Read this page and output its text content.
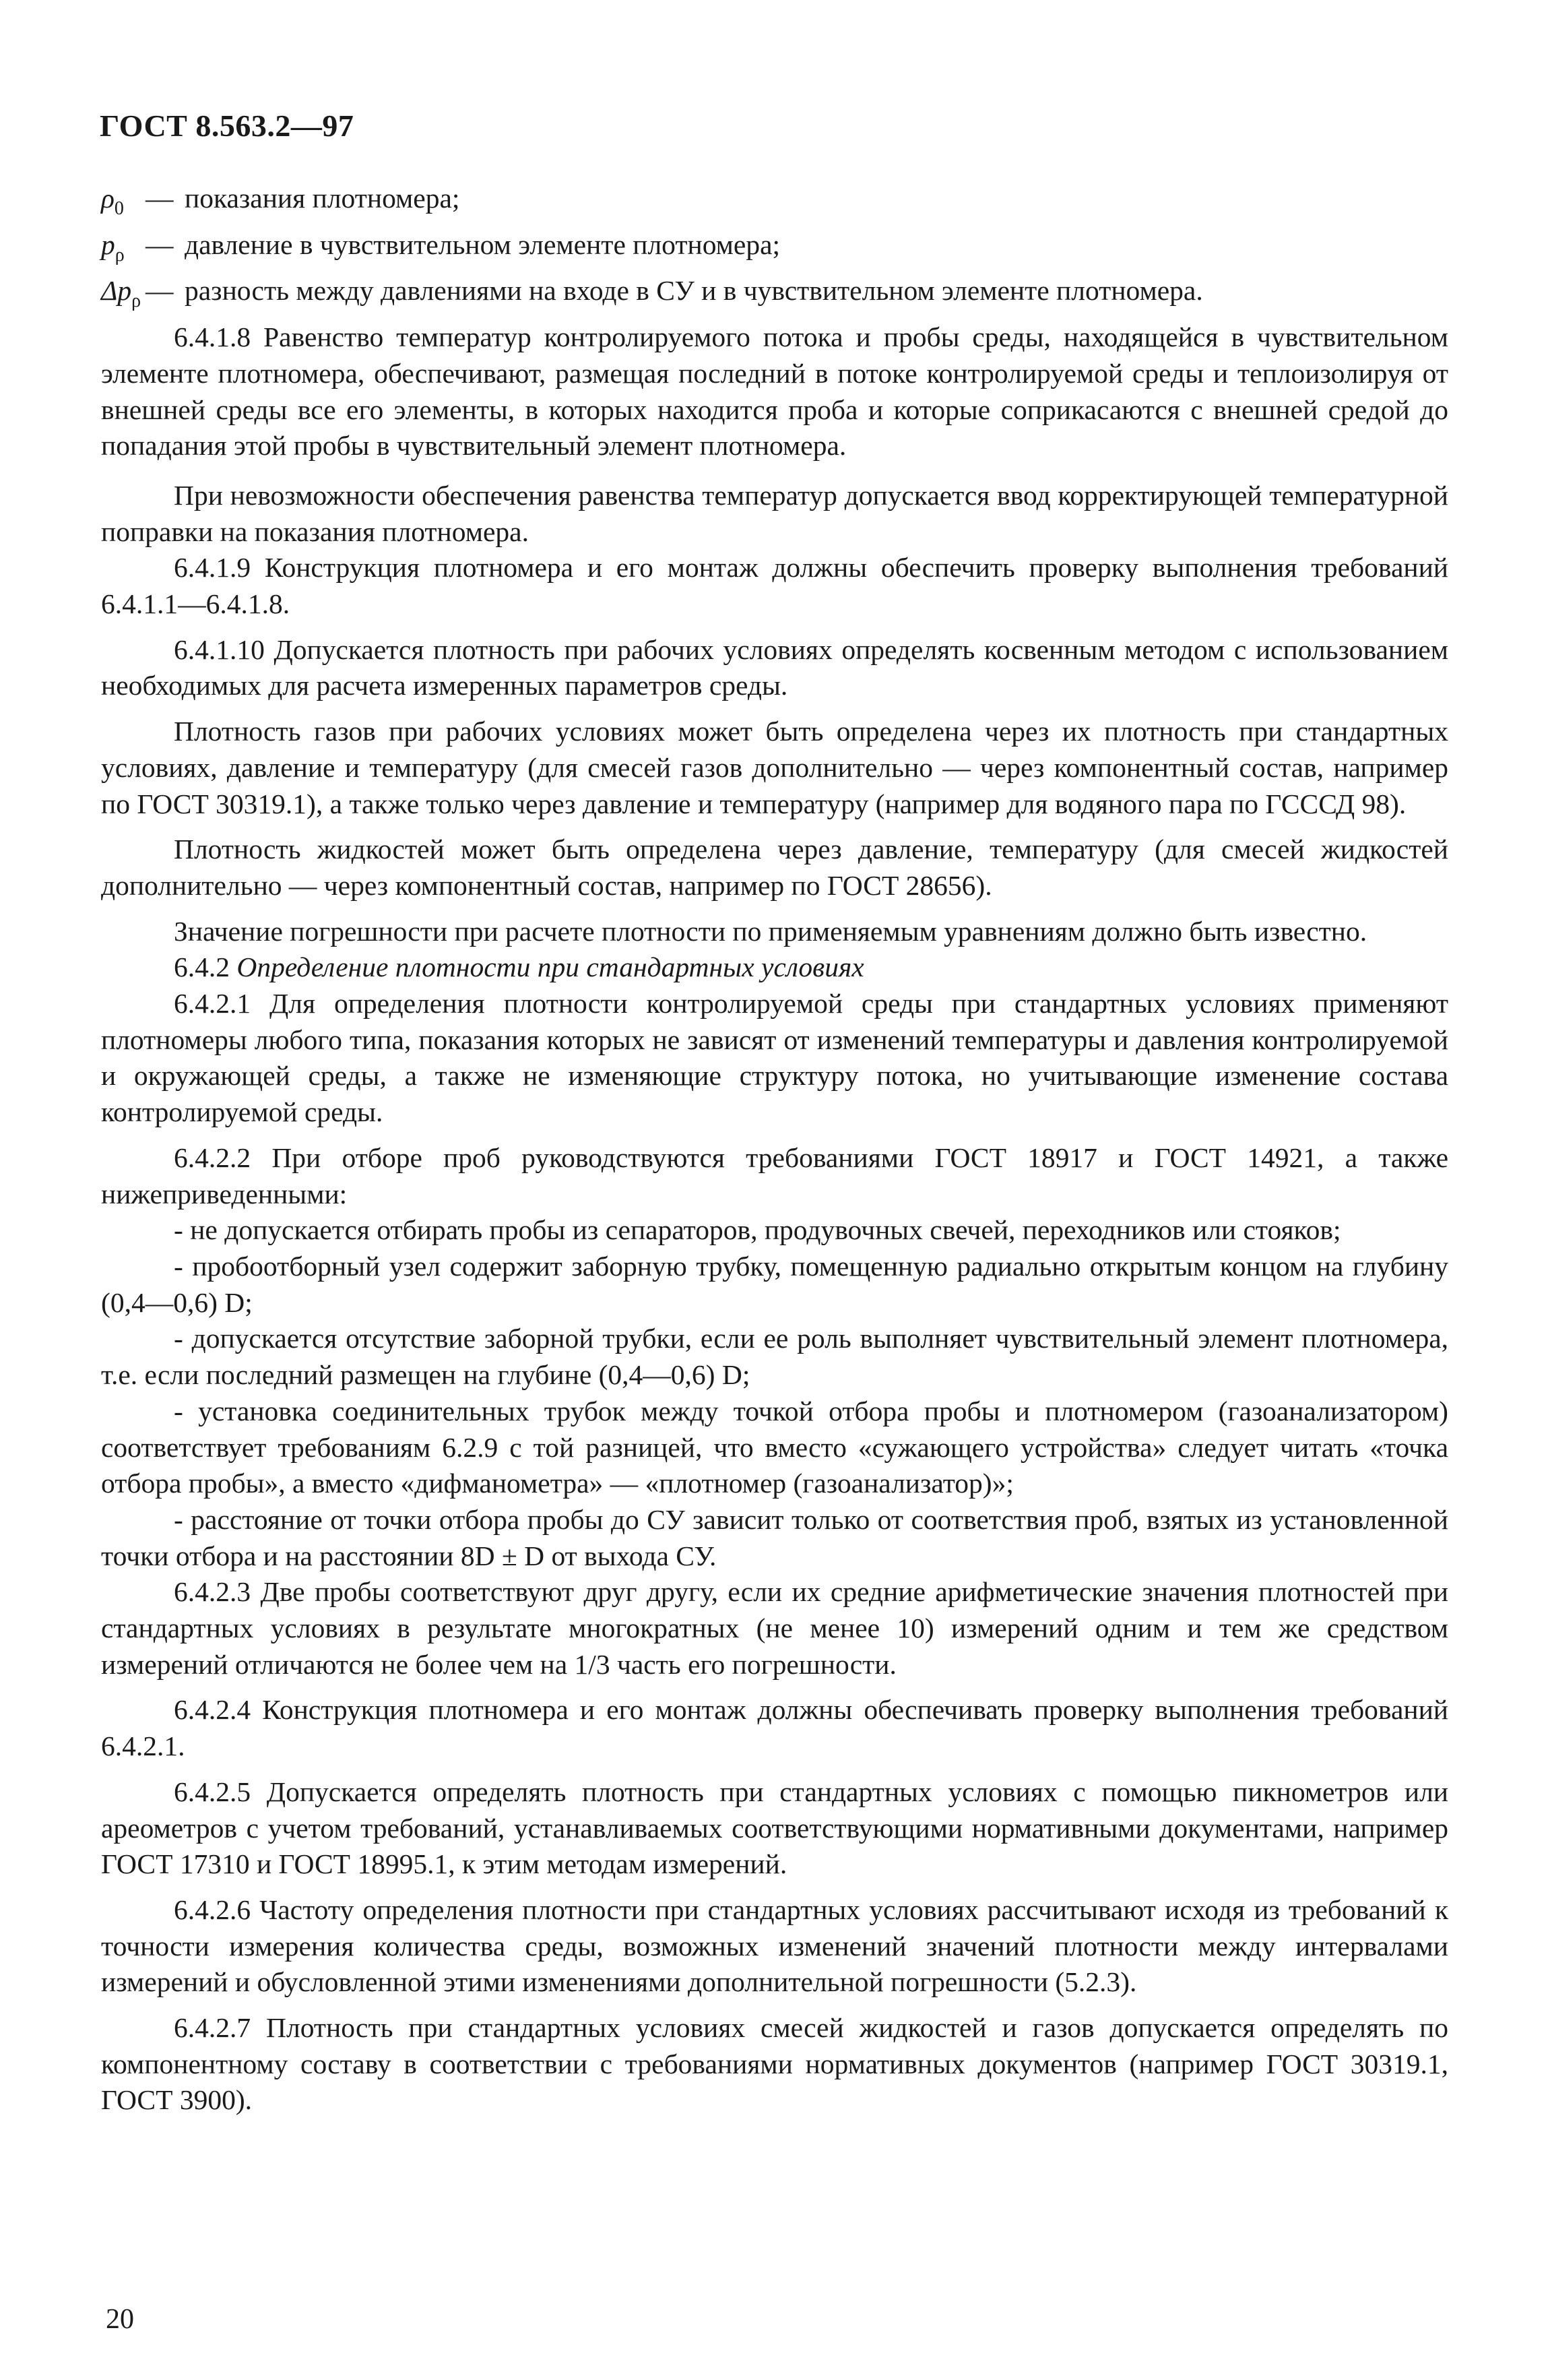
ГОСТ 8.563.2—97
$\rho_0$ — показания плотномера;
$p_\rho$ — давление в чувствительном элементе плотномера;
$\Delta p_\rho$ — разность между давлениями на входе в СУ и в чувствительном элементе плотномера.

6.4.1.8 Равенство температур контролируемого потока и пробы среды, находящейся в чувствительном элементе плотномера, обеспечивают, размещая последний в потоке контролируемой среды и теплоизолируя от внешней среды все его элементы, в которых находится проба и которые соприкасаются с внешней средой до попадания этой пробы в чувствительный элемент плотномера.

При невозможности обеспечения равенства температур допускается ввод корректирующей температурной поправки на показания плотномера.

6.4.1.9 Конструкция плотномера и его монтаж должны обеспечить проверку выполнения требований 6.4.1.1—6.4.1.8.

6.4.1.10 Допускается плотность при рабочих условиях определять косвенным методом с использованием необходимых для расчета измеренных параметров среды.

Плотность газов при рабочих условиях может быть определена через их плотность при стандартных условиях, давление и температуру (для смесей газов дополнительно — через компонентный состав, например по ГОСТ 30319.1), а также только через давление и температуру (например для водяного пара по ГСССД 98).

Плотность жидкостей может быть определена через давление, температуру (для смесей жидкостей дополнительно — через компонентный состав, например по ГОСТ 28656).

Значение погрешности при расчете плотности по применяемым уравнениям должно быть известно.

6.4.2 Определение плотности при стандартных условиях

6.4.2.1 Для определения плотности контролируемой среды при стандартных условиях применяют плотномеры любого типа, показания которых не зависят от изменений температуры и давления контролируемой и окружающей среды, а также не изменяющие структуру потока, но учитывающие изменение состава контролируемой среды.

6.4.2.2 При отборе проб руководствуются требованиями ГОСТ 18917 и ГОСТ 14921, а также нижеприведенными:

- не допускается отбирать пробы из сепараторов, продувочных свечей, переходников или стояков;

- пробоотборный узел содержит заборную трубку, помещенную радиально открытым концом на глубину (0,4—0,6) D;

- допускается отсутствие заборной трубки, если ее роль выполняет чувствительный элемент плотномера, т.е. если последний размещен на глубине (0,4—0,6) D;

- установка соединительных трубок между точкой отбора пробы и плотномером (газоанализатором) соответствует требованиям 6.2.9 с той разницей, что вместо «сужающего устройства» следует читать «точка отбора пробы», а вместо «дифманометра» — «плотномер (газоанализатор)»;

- расстояние от точки отбора пробы до СУ зависит только от соответствия проб, взятых из установленной точки отбора и на расстоянии 8D ± D от выхода СУ.

6.4.2.3 Две пробы соответствуют друг другу, если их средние арифметические значения плотностей при стандартных условиях в результате многократных (не менее 10) измерений одним и тем же средством измерений отличаются не более чем на 1/3 часть его погрешности.

6.4.2.4 Конструкция плотномера и его монтаж должны обеспечивать проверку выполнения требований 6.4.2.1.

6.4.2.5 Допускается определять плотность при стандартных условиях с помощью пикнометров или ареометров с учетом требований, устанавливаемых соответствующими нормативными документами, например ГОСТ 17310 и ГОСТ 18995.1, к этим методам измерений.

6.4.2.6 Частоту определения плотности при стандартных условиях рассчитывают исходя из требований к точности измерения количества среды, возможных изменений значений плотности между интервалами измерений и обусловленной этими изменениями дополнительной погрешности (5.2.3).

6.4.2.7 Плотность при стандартных условиях смесей жидкостей и газов допускается определять по компонентному составу в соответствии с требованиями нормативных документов (например ГОСТ 30319.1, ГОСТ 3900).

20
